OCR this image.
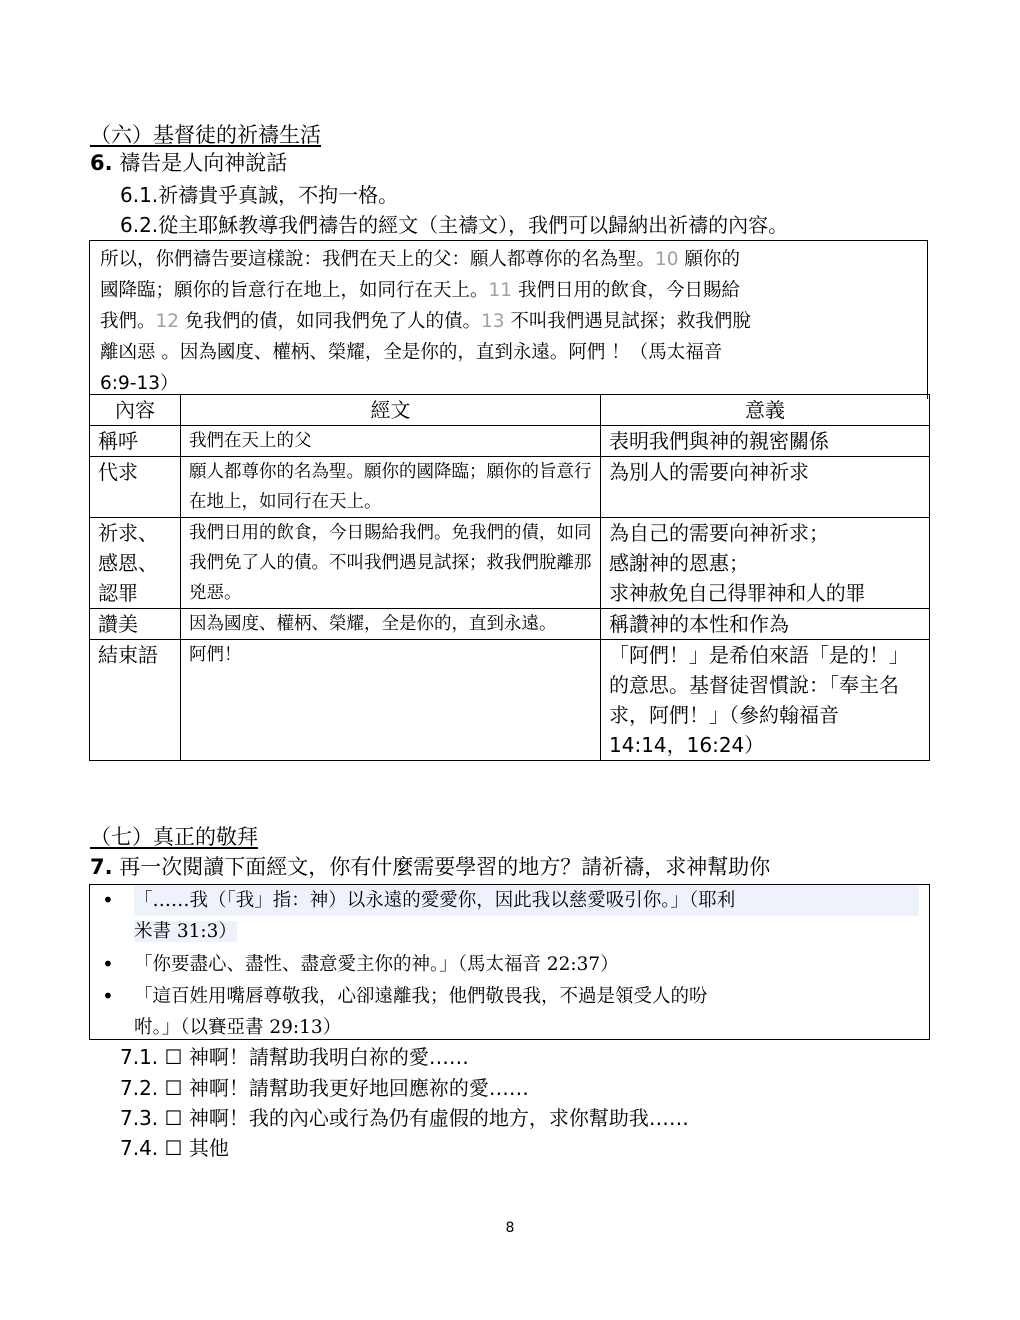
（六）基督徒的祈禱生活
6. 禱告是人向神說話
6.1.祈禱貴乎真誠，不拘一格。
6.2.從主耶穌教導我們禱告的經文（主禱文），我們可以歸納出祈禱的內容。
所以，你們禱告要這樣說：我們在天上的父：願人都尊你的名為聖。10 願你的
國降臨；願你的旨意行在地上，如同行在天上。11 我們日用的飲食，今日賜給
我們。12 免我們的債，如同我們免了人的債。13 不叫我們遇見試探；救我們脫
離凶惡 。因為國度、權柄、榮耀，全是你的，直到永遠。阿們 ！（馬太福音
6:9-13）
內容	經文	意義
稱呼	我們在天上的父	表明我們與神的親密關係
代求	願人都尊你的名為聖。願你的國降臨；願你的旨意行在地上，如同行在天上。	為別人的需要向神祈求
祈求、感恩、認罪	我們日用的飲食，今日賜給我們。免我們的債，如同我們免了人的債。不叫我們遇見試探；救我們脫離那兇惡。	為自己的需要向神祈求；
感謝神的恩惠；
求神赦免自己得罪神和人的罪

讚美	因為國度、權柄、榮耀，全是你的，直到永遠。	稱讚神的本性和作為
結束語	阿們！	「阿們！」是希伯來語「是的！」的意思。基督徒習慣說：「奉主名求，阿們！」（參約翰福音 14:14，16:24）
（七）真正的敬拜
7. 再一次閱讀下面經文，你有什麼需要學習的地方？請祈禱，求神幫助你
• 「……我（「我」指：神）以永遠的愛愛你，因此我以慈愛吸引你。」（耶利
米書 31:3）
• 「你要盡心、盡性、盡意愛主你的神。」（馬太福音 22:37）
• 「這百姓用嘴唇尊敬我，心卻遠離我；他們敬畏我，不過是領受人的吩
咐。」（以賽亞書 29:13）
7.1. ☐ 神啊！請幫助我明白祢的愛……
7.2. ☐ 神啊！請幫助我更好地回應祢的愛……
7.3. ☐ 神啊！我的內心或行為仍有虛假的地方，求你幫助我……
7.4. ☐ 其他
8
